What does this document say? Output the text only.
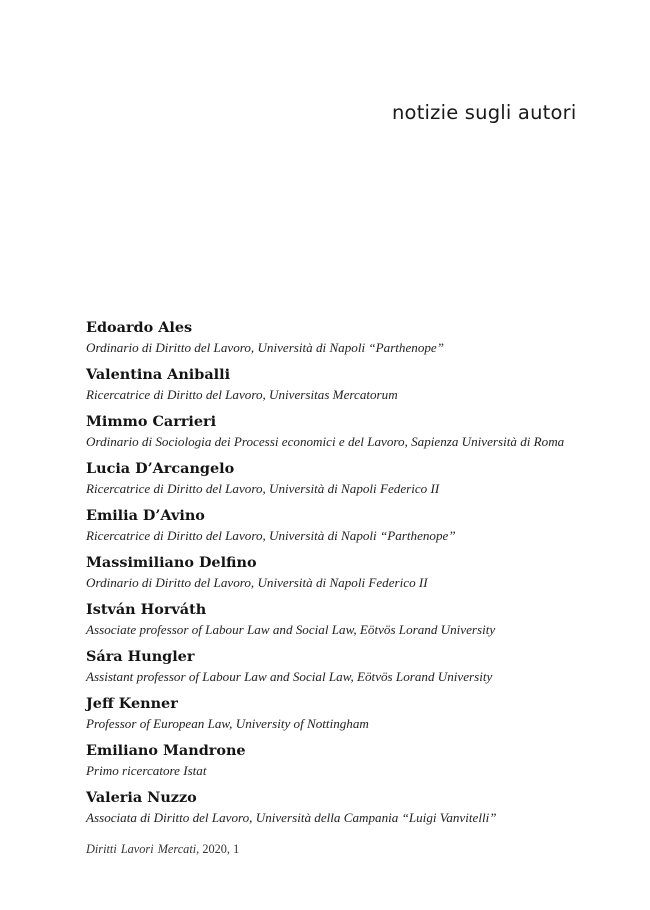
notizie sugli autori
Edoardo Ales
Ordinario di Diritto del Lavoro, Università di Napoli “Parthenope”
Valentina Aniballi
Ricercatrice di Diritto del Lavoro, Universitas Mercatorum
Mimmo Carrieri
Ordinario di Sociologia dei Processi economici e del Lavoro, Sapienza Università di Roma
Lucia D’Arcangelo
Ricercatrice di Diritto del Lavoro, Università di Napoli Federico II
Emilia D’Avino
Ricercatrice di Diritto del Lavoro, Università di Napoli “Parthenope”
Massimiliano Delfino
Ordinario di Diritto del Lavoro, Università di Napoli Federico II
István Horváth
Associate professor of Labour Law and Social Law, Eötvös Lorand University
Sára Hungler
Assistant professor of Labour Law and Social Law, Eötvös Lorand University
Jeff Kenner
Professor of European Law, University of Nottingham
Emiliano Mandrone
Primo ricercatore Istat
Valeria Nuzzo
Associata di Diritto del Lavoro, Università della Campania “Luigi Vanvitelli”
Diritti Lavori Mercati, 2020, 1
